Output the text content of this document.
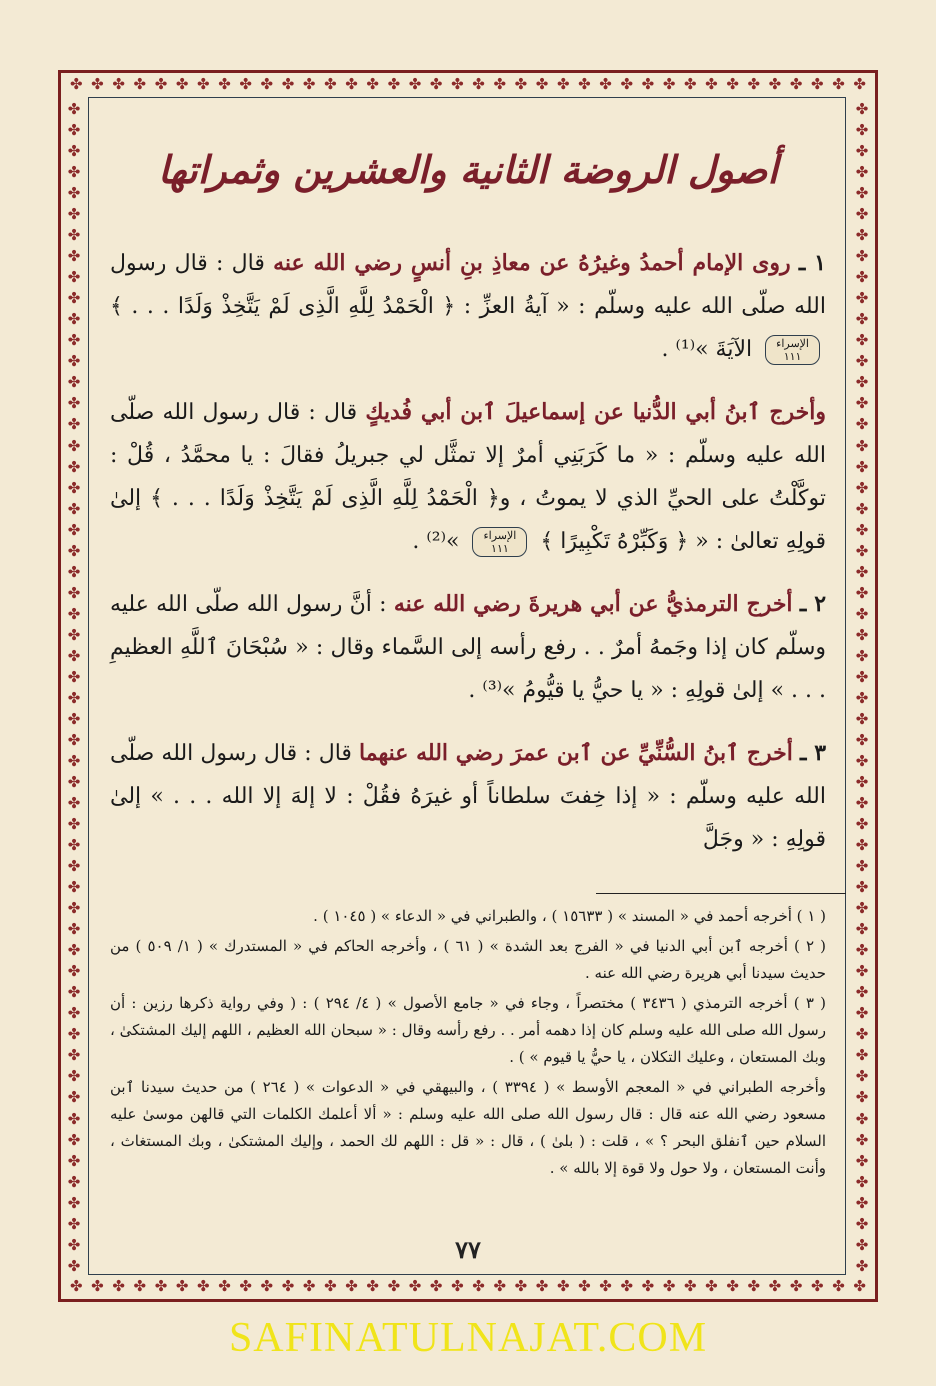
✤ ✤ ✤ ✤ ✤ ✤ ✤ ✤ ✤ ✤ ✤ ✤ ✤ ✤ ✤ ✤ ✤ ✤ ✤ ✤ ✤ ✤ ✤ ✤ ✤ ✤ ✤ ✤ ✤ ✤ ✤ ✤ ✤ ✤ ✤ ✤ ✤ ✤
✤ ✤ ✤ ✤ ✤ ✤ ✤ ✤ ✤ ✤ ✤ ✤ ✤ ✤ ✤ ✤ ✤ ✤ ✤ ✤ ✤ ✤ ✤ ✤ ✤ ✤ ✤ ✤ ✤ ✤ ✤ ✤ ✤ ✤ ✤ ✤ ✤ ✤
✤
✤
✤
✤
✤
✤
✤
✤
✤
✤
✤
✤
✤
✤
✤
✤
✤
✤
✤
✤
✤
✤
✤
✤
✤
✤
✤
✤
✤
✤
✤
✤
✤
✤
✤
✤
✤
✤
✤
✤
✤
✤
✤
✤
✤
✤
✤
✤
✤
✤
✤
✤
✤
✤
✤
✤
✤
✤
✤
✤
✤
✤
✤
✤
✤
✤
✤
✤
✤
✤
✤
✤
✤
✤
✤
✤
✤
✤
✤
✤
✤
✤
✤
✤
✤
✤
✤
✤
✤
✤
✤
✤
✤
✤
✤
✤
✤
✤
✤
✤
✤
✤
✤
✤
✤
✤
✤
✤
✤
✤
✤
✤
أصول الروضة الثانية والعشرين وثمراتها

١ ـ روى الإمام أحمدُ وغيرُهُ عن معاذِ بنِ أنسٍ رضي الله عنه قال : قال رسول الله صلّى الله عليه وسلّم : « آيةُ العزِّ : ﴿ الْحَمْدُ لِلَّهِ الَّذِى لَمْ يَتَّخِذْ وَلَدًا . . . ﴾ الإسراء
١١١ الآيَةَ »⁽¹⁾ .

وأخرج ٱبنُ أبي الدُّنيا عن إسماعيلَ ٱبن أبي فُديكٍ قال : قال رسول الله صلّى الله عليه وسلّم : « ما كَرَبَنِي أمرٌ إلا تمثَّل لي جبريلُ فقالَ : يا محمَّدُ ، قُلْ : توكَّلْتُ على الحيِّ الذي لا يموتُ ، و﴿ الْحَمْدُ لِلَّهِ الَّذِى لَمْ يَتَّخِذْ وَلَدًا . . . ﴾ إلىٰ قولِهِ تعالىٰ : « ﴿ وَكَبِّرْهُ تَكْبِيرًا ﴾ الإسراء
١١١ »⁽²⁾ .

٢ ـ أخرج الترمذيُّ عن أبي هريرةَ رضي الله عنه : أنَّ رسول الله صلّى الله عليه وسلّم كان إذا وجَمهُ أمرٌ . . رفع رأسه إلى السَّماء وقال : « سُبْحَانَ ٱللَّهِ العظيمِ . . . » إلىٰ قولِهِ : « يا حيُّ يا قيُّومُ »⁽³⁾ .

٣ ـ أخرج ٱبنُ السُّنِّيِّ عن ٱبن عمرَ رضي الله عنهما قال : قال رسول الله صلّى الله عليه وسلّم : « إذا خِفتَ سلطاناً أو غيرَهُ فقُلْ : لا إلهَ إلا الله . . . » إلىٰ قولِهِ : « وجَلَّ

( ١ ) أخرجه أحمد في « المسند » ( ١٥٦٣٣ ) ، والطبراني في « الدعاء » ( ١٠٤٥ ) .

( ٢ ) أخرجه ٱبن أبي الدنيا في « الفرج بعد الشدة » ( ٦١ ) ، وأخرجه الحاكم في « المستدرك » ( ١/ ٥٠٩ ) من حديث سيدنا أبي هريرة رضي الله عنه .

( ٣ ) أخرجه الترمذي ( ٣٤٣٦ ) مختصراً ، وجاء في « جامع الأصول » ( ٤/ ٢٩٤ ) : ( وفي رواية ذكرها رزين : أن رسول الله صلى الله عليه وسلم كان إذا دهمه أمر . . رفع رأسه وقال : « سبحان الله العظيم ، اللهم إليك المشتكىٰ ، وبك المستعان ، وعليك التكلان ، يا حيُّ يا قيوم » ) .

وأخرجه الطبراني في « المعجم الأوسط » ( ٣٣٩٤ ) ، والبيهقي في « الدعوات » ( ٢٦٤ ) من حديث سيدنا ٱبن مسعود رضي الله عنه قال : قال رسول الله صلى الله عليه وسلم : « ألا أعلمك الكلمات التي قالهن موسىٰ عليه السلام حين ٱنفلق البحر ؟ » ، قلت : ( بلىٰ ) ، قال : « قل : اللهم لك الحمد ، وإليك المشتكىٰ ، وبك المستغاث ، وأنت المستعان ، ولا حول ولا قوة إلا بالله » .

٧٧
SAFINATULNAJAT.COM
